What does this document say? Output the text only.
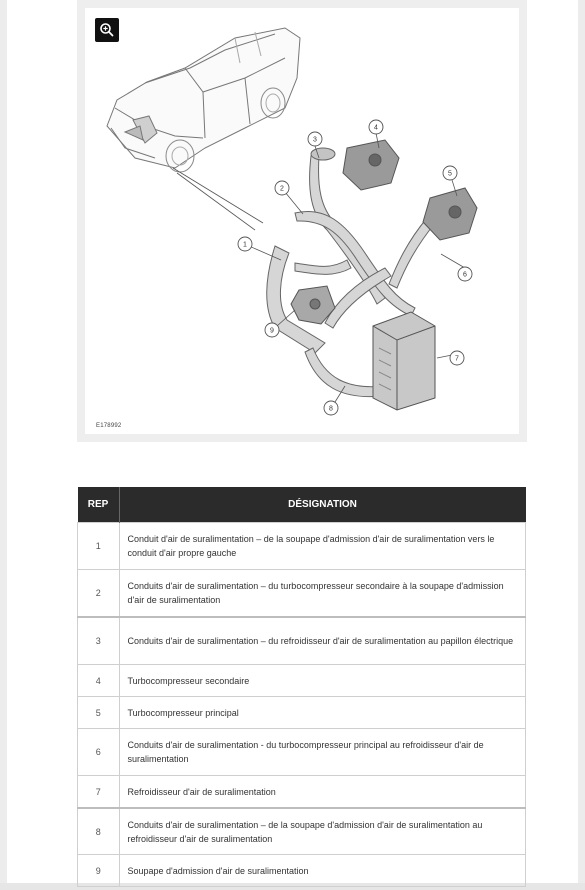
1
2
3
4
5
6
7
8
9
E178992
REP	DÉSIGNATION
1	Conduit d'air de suralimentation – de la soupape d'admission d'air de suralimentation vers le conduit d'air propre gauche
2	Conduits d'air de suralimentation – du turbocompresseur secondaire à la soupape d'admission d'air de suralimentation
3	Conduits d'air de suralimentation – du refroidisseur d'air de suralimentation au papillon électrique
4	Turbocompresseur secondaire
5	Turbocompresseur principal
6	Conduits d'air de suralimentation - du turbocompresseur principal au refroidisseur d'air de suralimentation
7	Refroidisseur d'air de suralimentation
8	Conduits d'air de suralimentation – de la soupape d'admission d'air de suralimentation au refroidisseur d'air de suralimentation
9	Soupape d'admission d'air de suralimentation
